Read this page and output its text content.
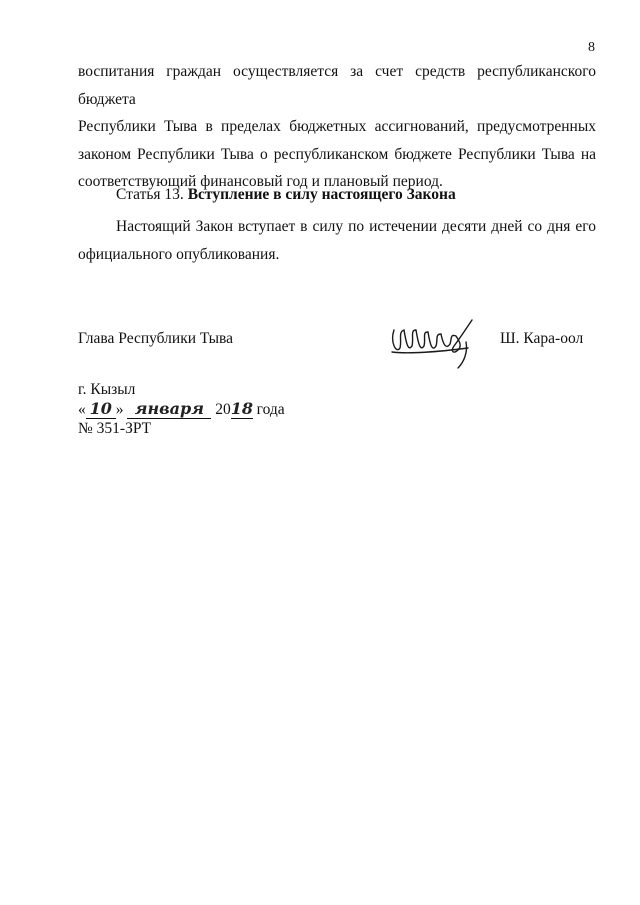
8
воспитания граждан осуществляется за счет средств республиканского бюджета
Республики Тыва в пределах бюджетных ассигнований, предусмотренных
законом Республики Тыва о республиканском бюджете Республики Тыва на
соответствующий финансовый год и плановый период.
Статья 13. Вступление в силу настоящего Закона
Настоящий Закон вступает в силу по истечении десяти дней со дня его
официального опубликования.
Глава Республики Тыва	Ш. Кара-оол
г. Кызыл
« 10 » января 2018 года
№ 351-ЗРТ
